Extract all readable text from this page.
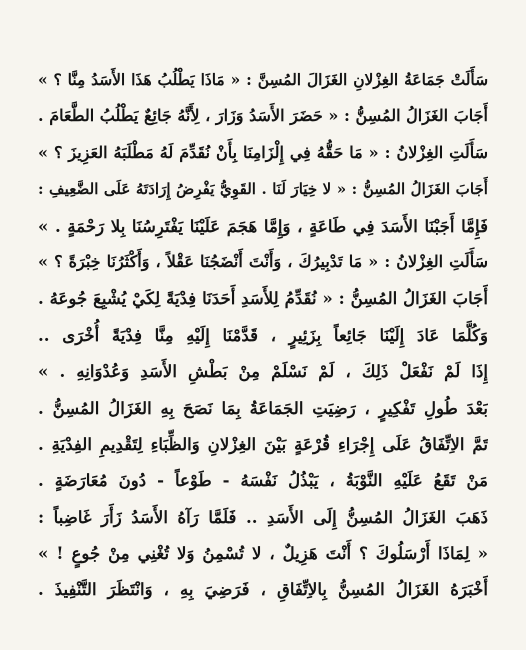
سَأَلَتْ جَمَاعَةُ الغِزْلانِ الغَزَالَ المُسِنَّ : « مَاذَا يَطْلُبُ هَذَا الأَسَدُ مِنَّا ؟ »
أَجَابَ الغَزَالُ المُسِنُّ : « حَضَرَ الأَسَدُ وَزَارَ ، لِأَنَّهُ جَائِعٌ يَطْلُبُ الطَّعَامَ .
سَأَلَتِ الغِزْلانُ : « مَا حَقُّهُ فِي إِلْزَامِنَا بِأَنْ نُقَدِّمَ لَهُ مَطْلَبَهُ العَزِيزَ ؟ »
أَجَابَ الغَزَالُ المُسِنُّ : « لا خِيَارَ لَنَا . القَوِيُّ يَفْرِضُ إِرَادَتَهُ عَلَى الضَّعِيفِ :
فَإِمَّا أَجَبْنَا الأَسَدَ فِي طَاعَةٍ ، وَإِمَّا هَجَمَ عَلَيْنَا يَفْتَرِسُنَا بِلا رَحْمَةٍ . »
سَأَلَتِ الغِزْلانُ : « مَا تَدْبِيرُكَ ، وَأَنْتَ أَنْضَجُنَا عَقْلاً ، وَأَكْثَرُنَا خِبْرَةً ؟ »
أَجَابَ الغَزَالُ المُسِنُّ : « نُقَدِّمُ لِلأَسَدِ أَحَدَنَا فِدْيَةً لِكَيْ يُشْبِعَ جُوعَهُ .
وَكُلَّمَا عَادَ إِلَيْنَا جَائِعاً بِزَئِيرٍ ، قَدَّمْنَا إِلَيْهِ مِنَّا فِدْيَةً أُخْرَى ..
إِذَا لَمْ نَفْعَلْ ذَلِكَ ، لَمْ نَسْلَمْ مِنْ بَطْشِ الأَسَدِ وَعُدْوَانِهِ . »
بَعْدَ طُولِ تَفْكِيرٍ ، رَضِيَتِ الجَمَاعَةُ بِمَا نَصَحَ بِهِ الغَزَالُ المُسِنُّ .
تَمَّ الاِتِّفَاقُ عَلَى إِجْرَاءِ قُرْعَةٍ بَيْنَ الغِزْلانِ وَالظِّبَاءِ لِتَقْدِيمِ الفِدْيَةِ .
مَنْ تَقَعُ عَلَيْهِ النَّوْبَةُ ، يَبْذُلُ نَفْسَهُ - طَوْعاً - دُونَ مُعَارَضَةٍ .
ذَهَبَ الغَزَالُ المُسِنُّ إِلَى الأَسَدِ .. فَلَمَّا رَآهُ الأَسَدُ زَأَرَ غَاضِباً :
« لِمَاذَا أَرْسَلُوكَ ؟ أَنْتَ هَزِيلٌ ، لا تُسْمِنُ وَلا تُغْنِي مِنْ جُوعٍ ! »
أَخْبَرَهُ الغَزَالُ المُسِنُّ بِالاِتِّفَاقِ ، فَرَضِيَ بِهِ ، وَانْتَظَرَ التَّنْفِيذَ .
